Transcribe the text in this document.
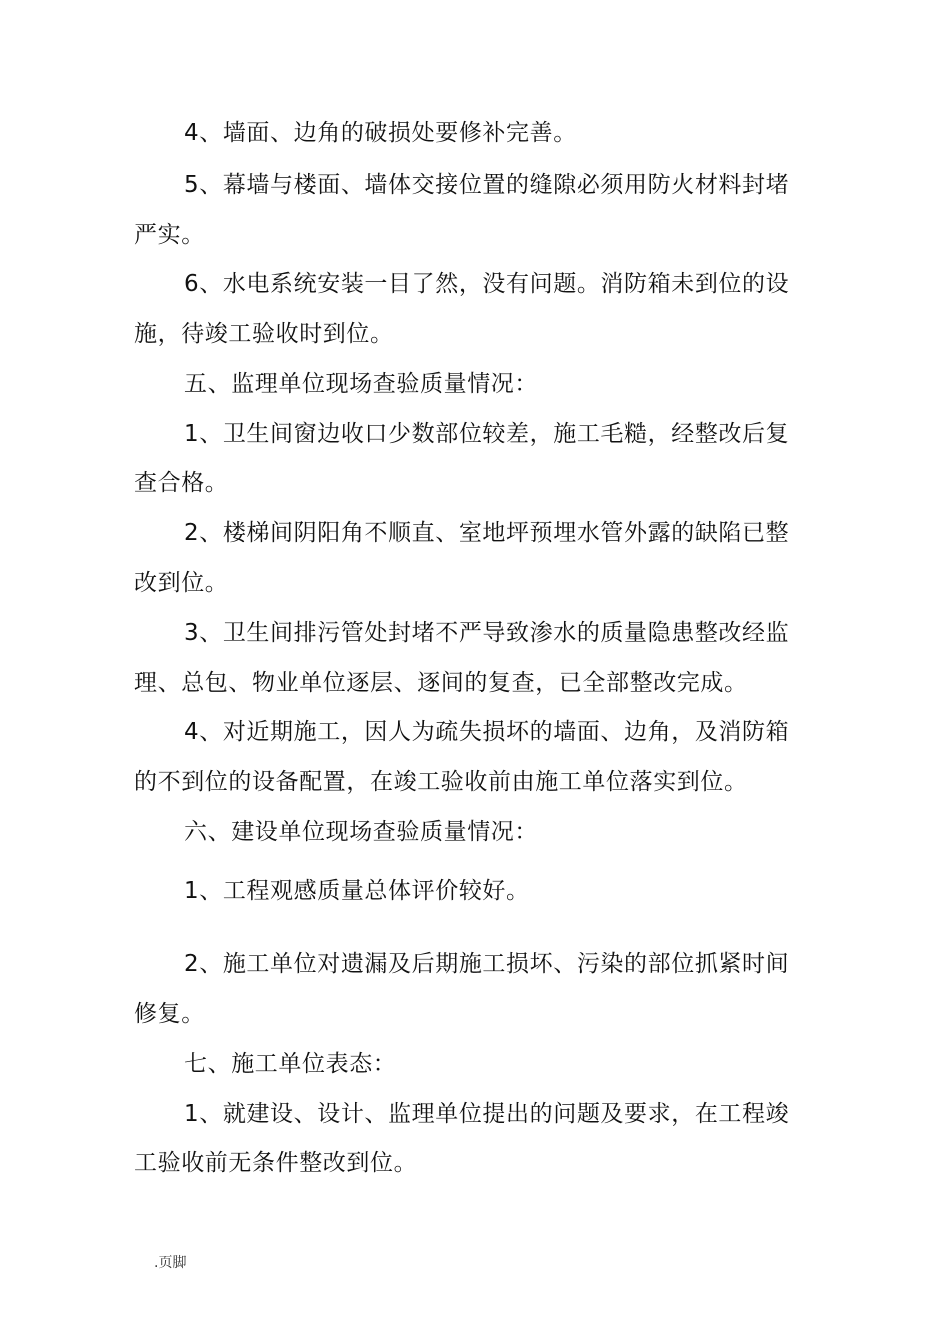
4、墙面、边角的破损处要修补完善。
5、幕墙与楼面、墙体交接位置的缝隙必须用防火材料封堵
严实。
6、水电系统安装一目了然，没有问题。消防箱未到位的设
施，待竣工验收时到位。
五、监理单位现场查验质量情况：
1、卫生间窗边收口少数部位较差，施工毛糙，经整改后复
查合格。
2、楼梯间阴阳角不顺直、室地坪预埋水管外露的缺陷已整
改到位。
3、卫生间排污管处封堵不严导致渗水的质量隐患整改经监
理、总包、物业单位逐层、逐间的复查，已全部整改完成。
4、对近期施工，因人为疏失损坏的墙面、边角，及消防箱
的不到位的设备配置，在竣工验收前由施工单位落实到位。
六、建设单位现场查验质量情况：
1、工程观感质量总体评价较好。
2、施工单位对遗漏及后期施工损坏、污染的部位抓紧时间
修复。
七、施工单位表态：
1、就建设、设计、监理单位提出的问题及要求，在工程竣
工验收前无条件整改到位。
.页脚
